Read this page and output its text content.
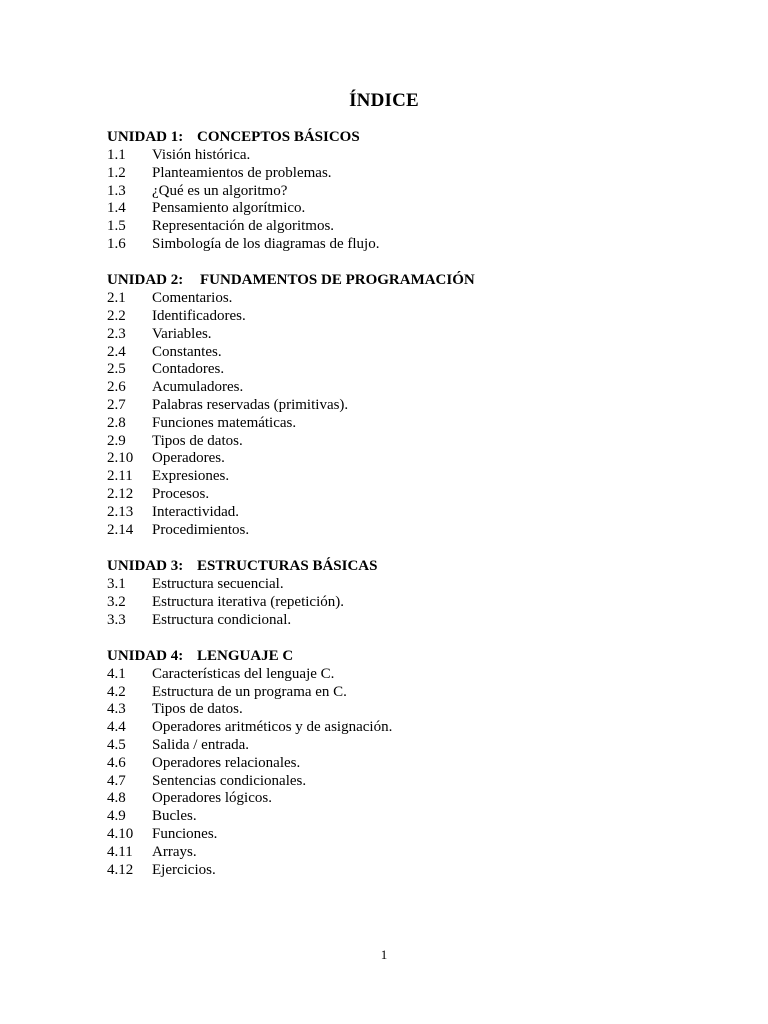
ÍNDICE
UNIDAD 1: CONCEPTOS BÁSICOS
1.1	Visión histórica.
1.2	Planteamientos de problemas.
1.3	¿Qué es un algoritmo?
1.4	Pensamiento algorítmico.
1.5	Representación de algoritmos.
1.6	Simbología de los diagramas de flujo.
UNIDAD 2:	FUNDAMENTOS DE PROGRAMACIÓN
2.1	Comentarios.
2.2	Identificadores.
2.3	Variables.
2.4	Constantes.
2.5	Contadores.
2.6	Acumuladores.
2.7	Palabras reservadas (primitivas).
2.8	Funciones matemáticas.
2.9	Tipos de datos.
2.10	Operadores.
2.11	Expresiones.
2.12	Procesos.
2.13	Interactividad.
2.14	Procedimientos.
UNIDAD 3: ESTRUCTURAS BÁSICAS
3.1	Estructura secuencial.
3.2	Estructura iterativa (repetición).
3.3	Estructura condicional.
UNIDAD 4: LENGUAJE C
4.1	Características del lenguaje C.
4.2	Estructura de un programa en C.
4.3	Tipos de datos.
4.4	Operadores aritméticos y de asignación.
4.5	Salida / entrada.
4.6	Operadores relacionales.
4.7	Sentencias condicionales.
4.8	Operadores lógicos.
4.9	Bucles.
4.10	Funciones.
4.11	Arrays.
4.12	Ejercicios.
1
